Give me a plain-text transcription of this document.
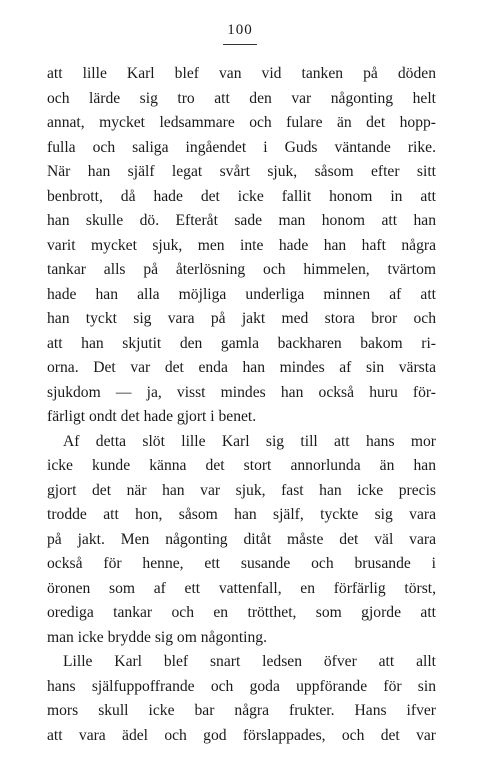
100
att lille Karl blef van vid tanken på döden
och lärde sig tro att den var någonting helt
annat, mycket ledsammare och fulare än det hopp-
fulla och saliga ingåendet i Guds väntande rike.
När han själf legat svårt sjuk, såsom efter sitt
benbrott, då hade det icke fallit honom in att
han skulle dö. Efteråt sade man honom att han
varit mycket sjuk, men inte hade han haft några
tankar alls på återlösning och himmelen, tvärtom
hade han alla möjliga underliga minnen af att
han tyckt sig vara på jakt med stora bror och
att han skjutit den gamla backharen bakom ri-
orna. Det var det enda han mindes af sin värsta
sjukdom — ja, visst mindes han också huru för-
färligt ondt det hade gjort i benet.
Af detta slöt lille Karl sig till att hans mor
icke kunde känna det stort annorlunda än han
gjort det när han var sjuk, fast han icke precis
trodde att hon, såsom han själf, tyckte sig vara
på jakt. Men någonting ditåt måste det väl vara
också för henne, ett susande och brusande i
öronen som af ett vattenfall, en förfärlig törst,
orediga tankar och en trötthet, som gjorde att
man icke brydde sig om någonting.
Lille Karl blef snart ledsen öfver att allt
hans själfuppoffrande och goda uppförande för sin
mors skull icke bar några frukter. Hans ifver
att vara ädel och god förslappades, och det var
